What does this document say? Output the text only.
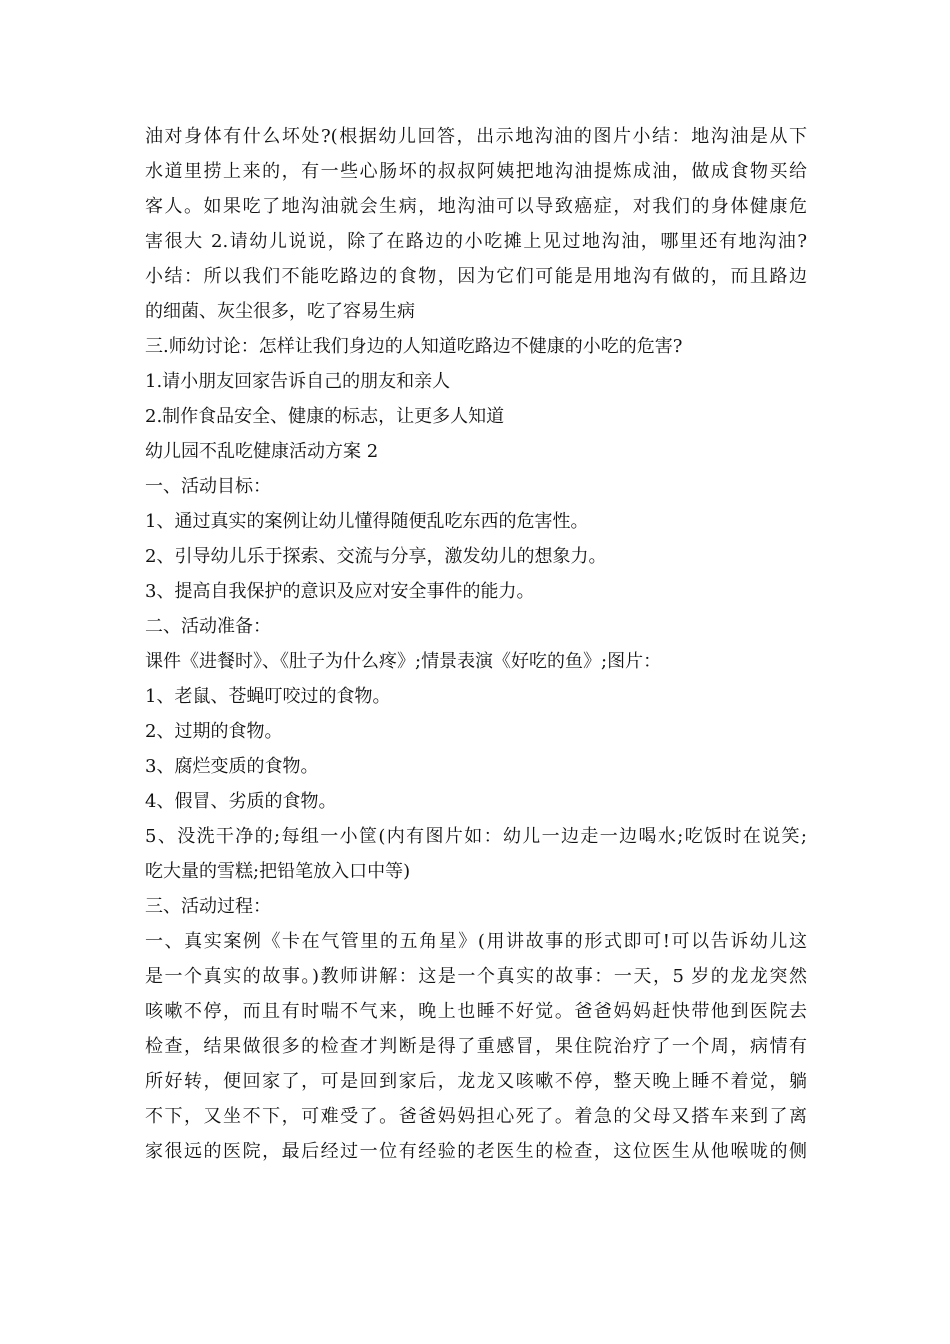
油对身体有什么坏处?(根据幼儿回答，出示地沟油的图片小结：地沟油是从下
水道里捞上来的，有一些心肠坏的叔叔阿姨把地沟油提炼成油，做成食物买给
客人。如果吃了地沟油就会生病，地沟油可以导致癌症，对我们的身体健康危
害很大 2.请幼儿说说，除了在路边的小吃摊上见过地沟油，哪里还有地沟油?
小结：所以我们不能吃路边的食物，因为它们可能是用地沟有做的，而且路边
的细菌、灰尘很多，吃了容易生病
三.师幼讨论：怎样让我们身边的人知道吃路边不健康的小吃的危害?
1.请小朋友回家告诉自己的朋友和亲人
2.制作食品安全、健康的标志，让更多人知道
幼儿园不乱吃健康活动方案 2
一、活动目标：
1、通过真实的案例让幼儿懂得随便乱吃东西的危害性。
2、引导幼儿乐于探索、交流与分享，激发幼儿的想象力。
3、提高自我保护的意识及应对安全事件的能力。
二、活动准备：
课件《进餐时》、《肚子为什么疼》;情景表演《好吃的鱼》;图片：
1、老鼠、苍蝇叮咬过的食物。
2、过期的食物。
3、腐烂变质的食物。
4、假冒、劣质的食物。
5、没洗干净的;每组一小筐(内有图片如：幼儿一边走一边喝水;吃饭时在说笑;
吃大量的雪糕;把铅笔放入口中等)
三、活动过程：
一、真实案例《卡在气管里的五角星》(用讲故事的形式即可!可以告诉幼儿这
是一个真实的故事。)教师讲解：这是一个真实的故事：一天，5 岁的龙龙突然
咳嗽不停，而且有时喘不气来，晚上也睡不好觉。爸爸妈妈赶快带他到医院去
检查，结果做很多的检查才判断是得了重感冒，果住院治疗了一个周，病情有
所好转，便回家了，可是回到家后，龙龙又咳嗽不停，整天晚上睡不着觉，躺
不下，又坐不下，可难受了。爸爸妈妈担心死了。着急的父母又搭车来到了离
家很远的医院，最后经过一位有经验的老医生的检查，这位医生从他喉咙的侧
